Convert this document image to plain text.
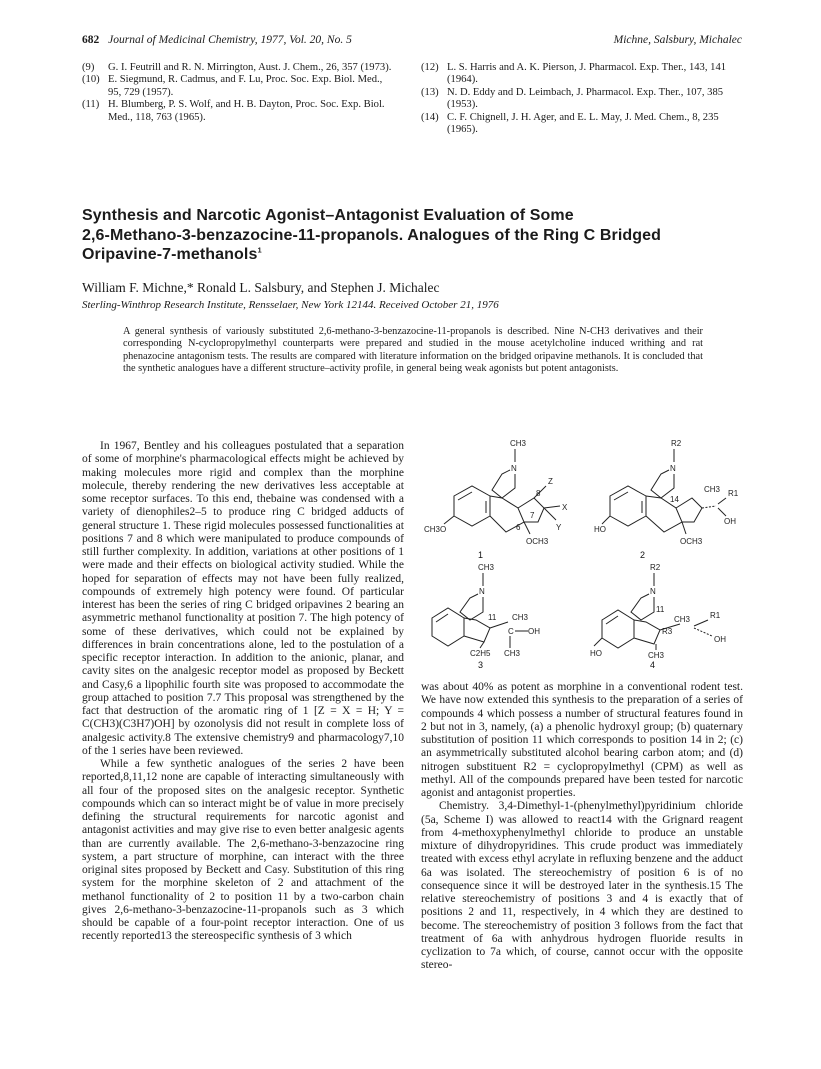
682 Journal of Medicinal Chemistry, 1977, Vol. 20, No. 5	Michne, Salsbury, Michalec
(9) G. I. Feutrill and R. N. Mirrington, Aust. J. Chem., 26, 357 (1973).
(10) E. Siegmund, R. Cadmus, and F. Lu, Proc. Soc. Exp. Biol. Med., 95, 729 (1957).
(11) H. Blumberg, P. S. Wolf, and H. B. Dayton, Proc. Soc. Exp. Biol. Med., 118, 763 (1965).
(12) L. S. Harris and A. K. Pierson, J. Pharmacol. Exp. Ther., 143, 141 (1964).
(13) N. D. Eddy and D. Leimbach, J. Pharmacol. Exp. Ther., 107, 385 (1953).
(14) C. F. Chignell, J. H. Ager, and E. L. May, J. Med. Chem., 8, 235 (1965).
Synthesis and Narcotic Agonist–Antagonist Evaluation of Some
2,6-Methano-3-benzazocine-11-propanols. Analogues of the Ring C Bridged
Oripavine-7-methanols$^1$
William F. Michne,* Ronald L. Salsbury, and Stephen J. Michalec
Sterling-Winthrop Research Institute, Rensselaer, New York 12144. Received October 21, 1976
A general synthesis of variously substituted 2,6-methano-3-benzazocine-11-propanols is described. Nine N-CH3 derivatives and their corresponding N-cyclopropylmethyl counterparts were prepared and studied in the mouse acetylcholine induced writhing and rat phenazocine antagonism tests. The results are compared with literature information on the bridged oripavine methanols. It is concluded that the synthetic analogues have a different structure–activity profile, in general being weak agonists but potent antagonists.
CH3
N
8
Z
X
Y
7
6
OCH3
CH3O
1
R2
N
14
CH3 R1
OH
OCH3
HO
2
CH3
N
11 CH3
C OH
CH3
C2H5
3
R2
N
11
R3
CH3 R1
OH
CH3
HO
4

In 1967, Bentley and his colleagues postulated that a separation of some of morphine's pharmacological effects might be achieved by making molecules more rigid and complex than the morphine molecule, thereby rendering the new derivatives less acceptable at some receptor surfaces. To this end, thebaine was condensed with a variety of dienophiles2–5 to produce ring C bridged adducts of general structure 1. These rigid molecules possessed functionalities at positions 7 and 8 which were manipulated to produce compounds of still further complexity. In addition, variations at other positions of 1 were made and their effects on biological activity studied. While the hoped for separation of effects may not have been fully realized, compounds of extremely high potency were found. Of particular interest has been the series of ring C bridged oripavines 2 bearing an asymmetric methanol functionality at position 7. The high potency of some of these derivatives, which could not be explained by differences in brain concentrations alone, led to the postulation of a specific receptor interaction. In addition to the anionic, planar, and cavity sites on the analgesic receptor model as proposed by Beckett and Casy,6 a lipophilic fourth site was proposed to accommodate the group attached to position 7.7 This proposal was strengthened by the fact that destruction of the aromatic ring of 1 [Z = X = H; Y = C(CH3)(C3H7)OH] by ozonolysis did not result in complete loss of analgesic activity.8 The extensive chemistry9 and pharmacology7,10 of the 1 series have been reviewed.

While a few synthetic analogues of the series 2 have been reported,8,11,12 none are capable of interacting simultaneously with all four of the proposed sites on the analgesic receptor. Synthetic compounds which can so interact might be of value in more precisely defining the structural requirements for narcotic agonist and antagonist activities and may give rise to even better analgesic agents than are currently available. The 2,6-methano-3-benzazocine ring system, a part structure of morphine, can interact with the three original sites proposed by Beckett and Casy. Substitution of this ring system for the morphine skeleton of 2 and attachment of the methanol functionality of 2 to position 11 by a two-carbon chain gives 2,6-methano-3-benzazocine-11-propanols such as 3 which should be capable of a four-point receptor interaction. One of us recently reported13 the stereospecific synthesis of 3 which

was about 40% as potent as morphine in a conventional rodent test. We have now extended this synthesis to the preparation of a series of compounds 4 which possess a number of structural features found in 2 but not in 3, namely, (a) a phenolic hydroxyl group; (b) quaternary substitution of position 11 which corresponds to position 14 in 2; (c) an asymmetrically substituted alcohol bearing carbon atom; and (d) nitrogen substituent R2 = cyclopropylmethyl (CPM) as well as methyl. All of the compounds prepared have been tested for narcotic agonist and antagonist properties.

Chemistry. 3,4-Dimethyl-1-(phenylmethyl)pyridinium chloride (5a, Scheme I) was allowed to react14 with the Grignard reagent from 4-methoxyphenylmethyl chloride to produce an unstable mixture of dihydropyridines. This crude product was immediately treated with excess ethyl acrylate in refluxing benzene and the adduct 6a was isolated. The stereochemistry of position 6 is of no consequence since it will be destroyed later in the synthesis.15 The relative stereochemistry of positions 3 and 4 is exactly that of positions 2 and 11, respectively, in 4 which they are destined to become. The stereochemistry of position 3 follows from the fact that treatment of 6a with anhydrous hydrogen fluoride results in cyclization to 7a which, of course, cannot occur with the opposite stereo-
